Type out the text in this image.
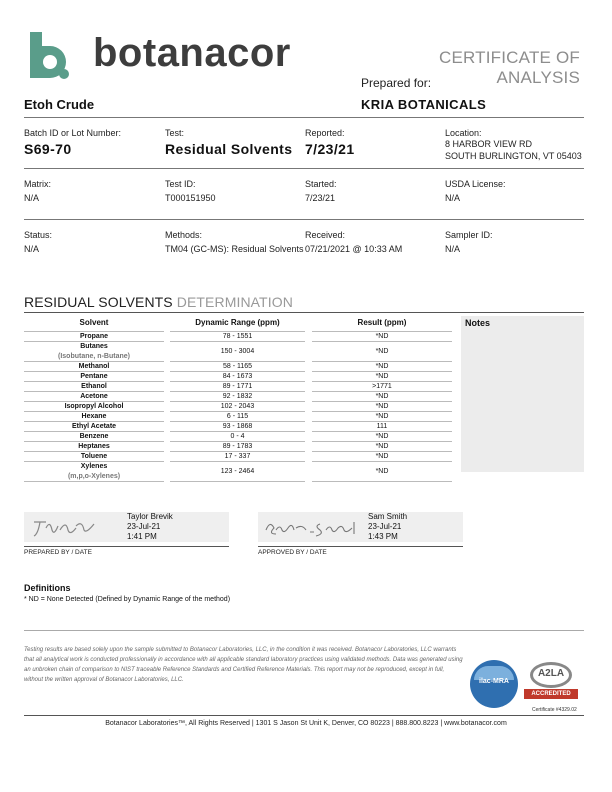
botanacor	CERTIFICATE OF ANALYSIS
Prepared for:
Etoh Crude	KRIA BOTANICALS
Batch ID or Lot Number:
S69-70
Test:
Residual Solvents
Reported:
7/23/21
Location:
8 HARBOR VIEW RD
SOUTH BURLINGTON, VT 05403
Matrix:
N/A
Test ID:
T000151950
Started:
7/23/21
USDA License:
N/A
Status:
N/A
Methods:
TM04 (GC-MS): Residual Solvents
Received:
07/21/2021 @ 10:33 AM
Sampler ID:
N/A
RESIDUAL SOLVENTS DETERMINATION
Solvent	Dynamic Range (ppm)	Result (ppm)	Notes
Propane	78 - 1551	*ND
Butanes
(Isobutane, n-Butane)
150 - 3004	*ND
Methanol	58 - 1165	*ND
Pentane	84 - 1673	*ND
Ethanol	89 - 1771	>1771
Acetone	92 - 1832	*ND
Isopropyl Alcohol	102 - 2043	*ND
Hexane	6 - 115	*ND
Ethyl Acetate	93 - 1868	111
Benzene	0 - 4	*ND
Heptanes	89 - 1783	*ND
Toluene	17 - 337	*ND
Xylenes
(m,p,o-Xylenes)
123 - 2464	*ND
Taylor Brevik
23-Jul-21
1:41 PM
PREPARED BY / DATE
Sam Smith
23-Jul-21
1:43 PM
APPROVED BY / DATE
Definitions
* ND = None Detected (Defined by Dynamic Range of the method)
Testing results are based solely upon the sample submitted to Botanacor Laboratories, LLC, in the condition it was received. Botanacor Laboratories, LLC warrants that all analytical work is conducted professionally in accordance with all applicable standard laboratory practices using validated methods. Data was generated using an unbroken chain of comparison to NIST traceable Reference Standards and Certified Reference Materials. This report may not be reproduced, except in full, without the written approval of Botanacor Laboratories, LLC.	ilac-MRA
A2LA
ACCREDITED
Certificate #4329.02
Botanacor Laboratories™, All Rights Reserved | 1301 S Jason St Unit K, Denver, CO 80223 | 888.800.8223 | www.botanacor.com
